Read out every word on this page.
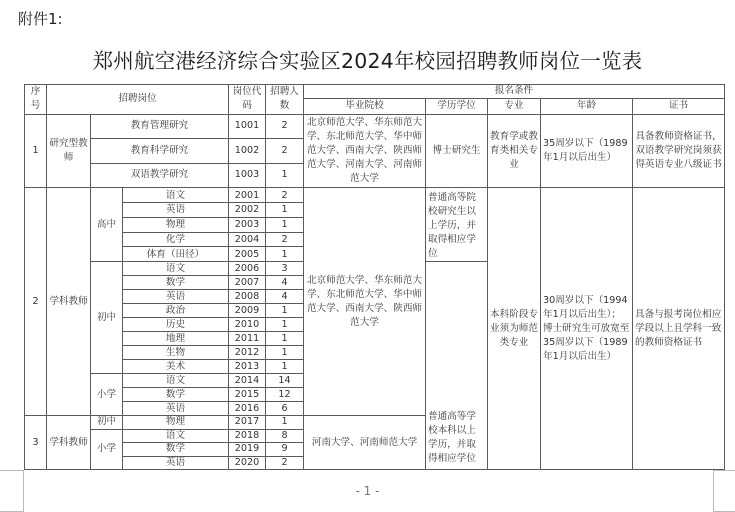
附件1:
郑州航空港经济综合实验区2024年校园招聘教师岗位一览表
序号	招聘岗位			岗位代码	招聘人数	报名条件				
						毕业院校	学历学位	专业	年龄	证书
1	研究型教师	教育管理研究		1001	2	北京师范大学、华东师范大学、东北师范大学、华中师范大学、西南大学、陕西师范大学、河南大学、河南师范大学	博士研究生	教育学或教育类相关专业	35周岁以下（1989年1月以后出生）	具备教师资格证书，双语教学研究岗须获得英语专业八级证书
		教育科学研究		1002	2					
		双语教学研究		1003	1					
2	学科教师	高中	语文	2001	2	北京师范大学、华东师范大学、东北师范大学、华中师范大学、西南大学、陕西师范大学	普通高等院校研究生以上学历，并取得相应学位	本科阶段专业须为师范类专业	30周岁以下（1994年1月以后出生）；博士研究生可放宽至35周岁以下（1989年1月以后出生）	具备与报考岗位相应学段以上且学科一致的教师资格证书
			英语	2002	1					
			物理	2003	1					
			化学	2004	2					
			体育（田径）	2005	1					
		初中	语文	2006	3		普通高等学校本科以上学历，并取得相应学位			
			数学	2007	4					
			英语	2008	4					
			政治	2009	1					
			历史	2010	1					
			地理	2011	1					
			生物	2012	1					
			美术	2013	1					
		小学	语文	2014	14					
			数学	2015	12					
			英语	2016	6					
3	学科教师	初中	物理	2017	1	河南大学、河南师范大学				
		小学	语文	2018	8					
			数学	2019	9					
			英语	2020	2					
- 1 -
